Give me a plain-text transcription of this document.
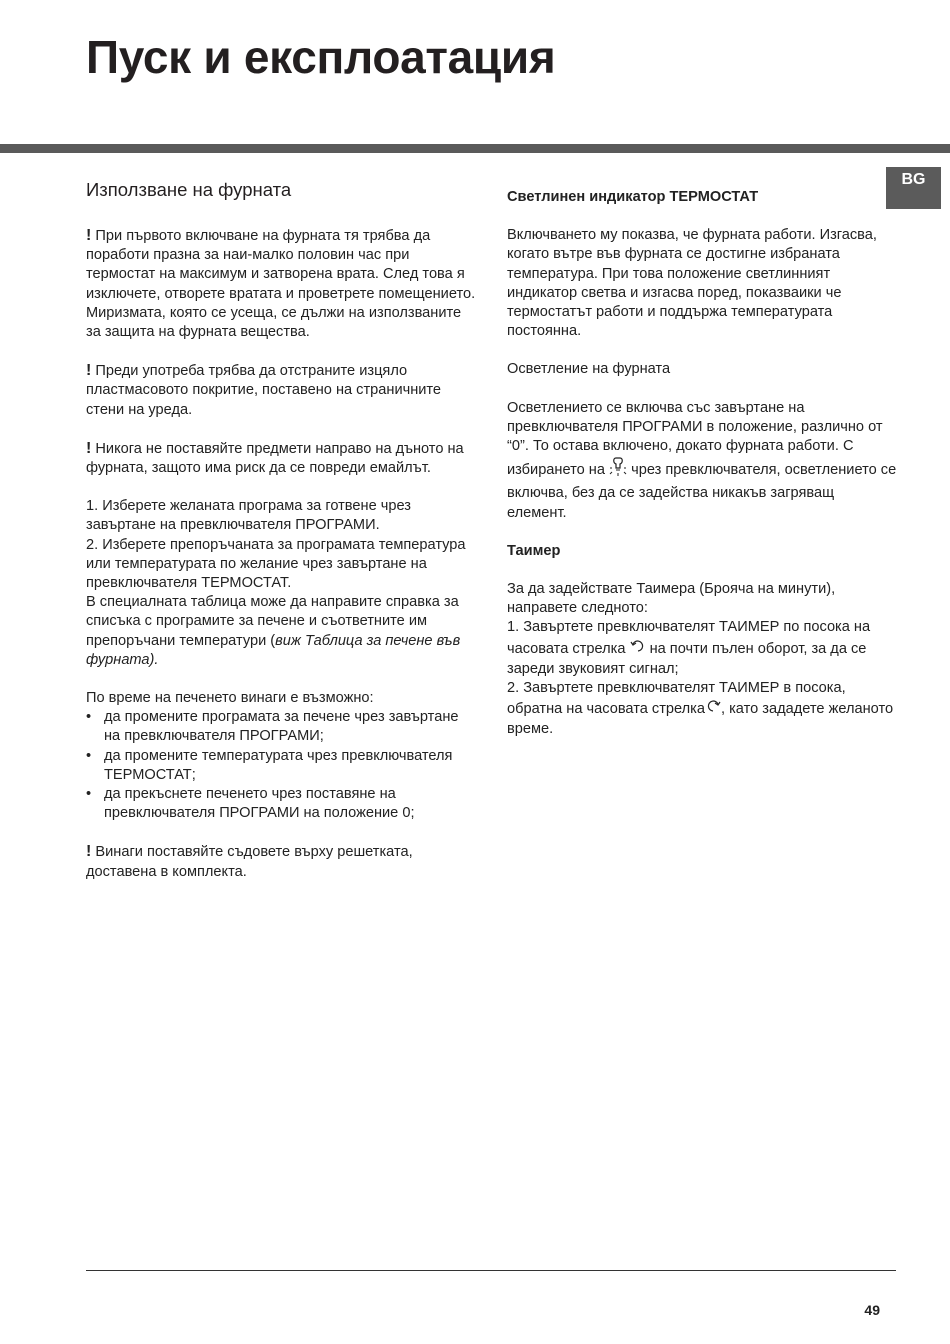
Пуск и експлоатация
BG
Използване на фурната

! При първото включване на фурната тя трябва да поработи празна за наи-малко половин час при термостат на максимум и затворена врата. След това я изключете, отворете вратата и проветрете помещението. Миризмата, която се усеща, се дължи на използваните за защита на фурната вещества.

! Преди употреба трябва да отстраните изцяло пластмасовото покритие, поставено на страничните стени на уреда.

! Никога не поставяйте предмети направо на дъното на фурната, защото има риск да се повреди емайлът.

1. Изберете желаната програма за готвене чрез завъртане на превключвателя ПРОГРАМИ.
2. Изберете препоръчаната за програмата температура или температурата по желание чрез завъртане на превключвателя ТЕРМОСТАТ.
В специалната таблица може да направите справка за списъка с програмите за печене и съответните им препоръчани температури (виж Таблица за печене във фурната).

По време на печенето винаги е възможно:
• да промените програмата за печене чрез завъртане на превключвателя ПРОГРАМИ;
• да промените температурата чрез превключвателя ТЕРМОСТАТ;
• да прекъснете печенето чрез поставяне на превключвателя ПРОГРАМИ на положение 0;

! Винаги поставяйте съдовете върху решетката, доставена в комплекта.

Светлинен индикатор ТЕРМОСТАТ

Включването му показва, че фурната работи. Изгасва, когато вътре във фурната се достигне избраната температура. При това положение светлинният индикатор светва и изгасва поред, показваики че термостатът работи и поддържа температурата постоянна.

Осветление на фурната

Осветлението се включва със завъртане на превключвателя ПРОГРАМИ в положение, различно от “0”. То остава включено, докато фурната работи. С избирането на чрез превключвателя, осветлението се включва, без да се задейства никакъв загряващ елемент.

Таимер

За да задействате Таимера (Брояча на минути), направете следното:
1. Завъртете превключвателят ТАИМЕР по посока на часовата стрелка на почти пълен оборот, за да се зареди звуковият сигнал;
2. Завъртете превключвателят ТАИМЕР в посока, обратна на часовата стрелка , като зададете желаното време.

49
